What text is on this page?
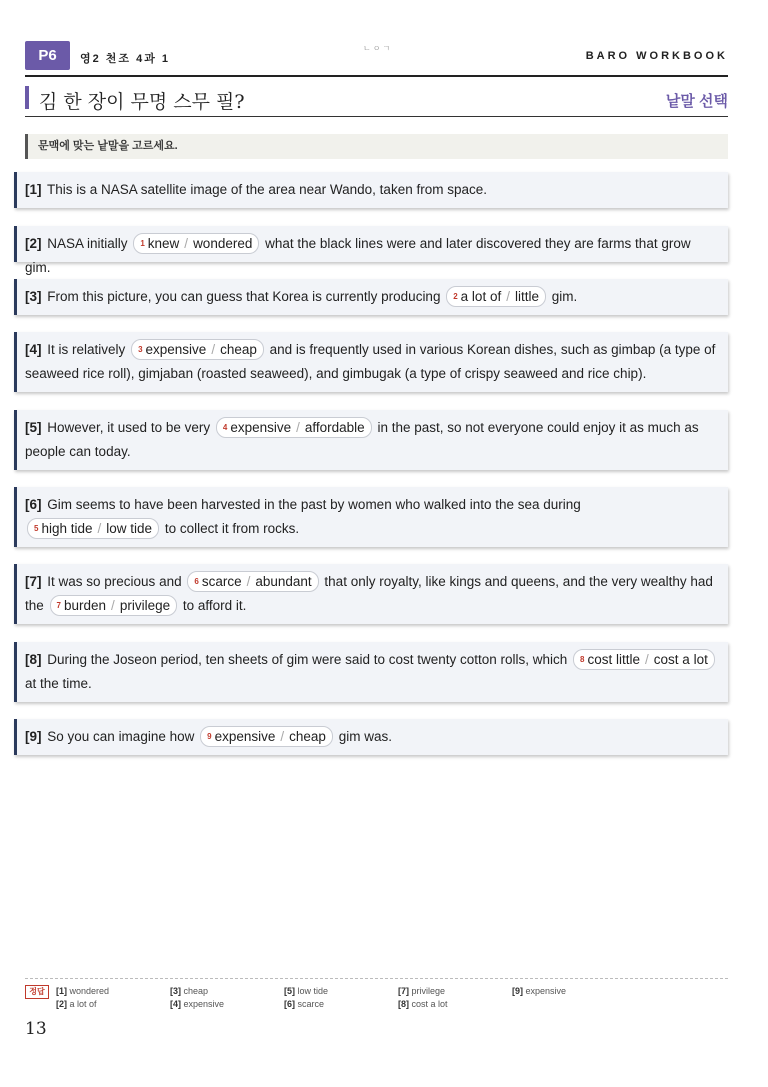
P6	영2 천조 4과 1
ㄴㅇㄱ
BARO WORKBOOK
김 한 장이 무명 스무 필?	낱말 선택
문맥에 맞는 낱말을 고르세요.
[1] This is a NASA satellite image of the area near Wando, taken from space.
[2] NASA initially $^1$ knew / wondered what the black lines were and later discovered they are farms that grow gim.
[3] From this picture, you can guess that Korea is currently producing $^2$ a lot of / little gim.
[4] It is relatively $^3$ expensive / cheap and is frequently used in various Korean dishes, such as gimbap (a type of seaweed rice roll), gimjaban (roasted seaweed), and gimbugak (a type of crispy seaweed and rice chip).
[5] However, it used to be very $^4$ expensive / affordable in the past, so not everyone could enjoy it as much as people can today.
[6] Gim seems to have been harvested in the past by women who walked into the sea during $^5$ high tide / low tide to collect it from rocks.
[7] It was so precious and $^6$ scarce / abundant that only royalty, like kings and queens, and the very wealthy had the $^7$ burden / privilege to afford it.
[8] During the Joseon period, ten sheets of gim were said to cost twenty cotton rolls, which $^8$ cost little / cost a lot at the time.
[9] So you can imagine how $^9$ expensive / cheap gim was.
정답	[1] wondered
[2] a lot of
[3] cheap
[4] expensive
[5] low tide
[6] scarce
[7] privilege
[8] cost a lot
[9] expensive
13
